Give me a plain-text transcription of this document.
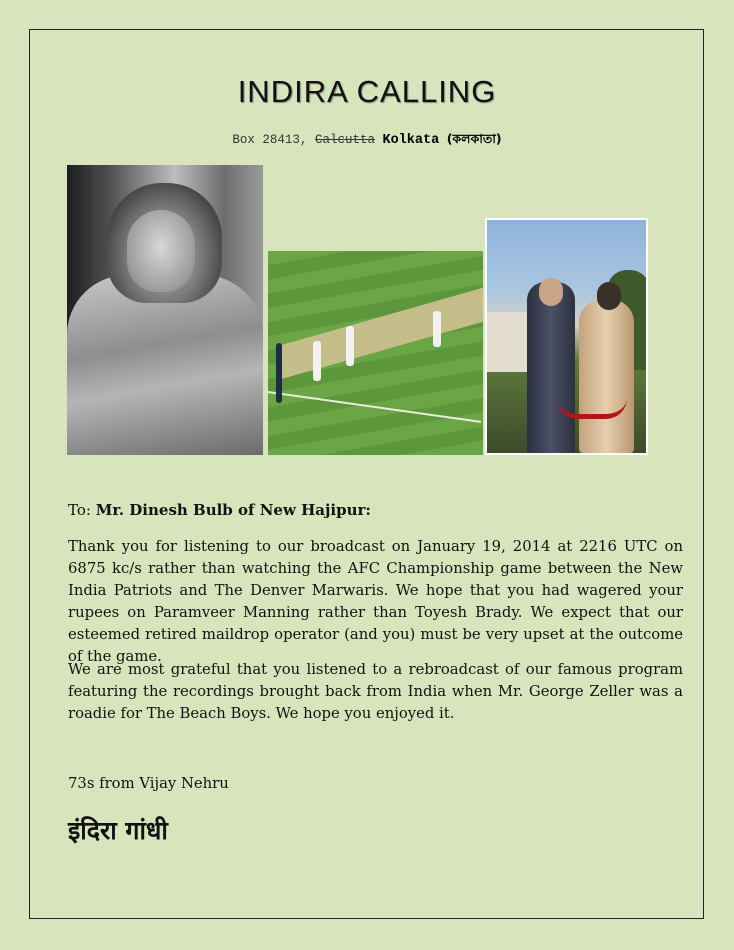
INDIRA CALLING
Box 28413, Calcutta Kolkata (কলকাতা)
To: Mr. Dinesh Bulb of New Hajipur:

Thank you for listening to our broadcast on January 19, 2014 at 2216 UTC on 6875 kc/s rather than watching the AFC Championship game between the New India Patriots and The Denver Marwaris. We hope that you had wagered your rupees on Paramveer Manning rather than Toyesh Brady. We expect that our esteemed retired maildrop operator (and you) must be very upset at the outcome of the game.

We are most grateful that you listened to a rebroadcast of our famous program featuring the recordings brought back from India when Mr. George Zeller was a roadie for The Beach Boys. We hope you enjoyed it.

73s from Vijay Nehru
इंदिरा गांधी
